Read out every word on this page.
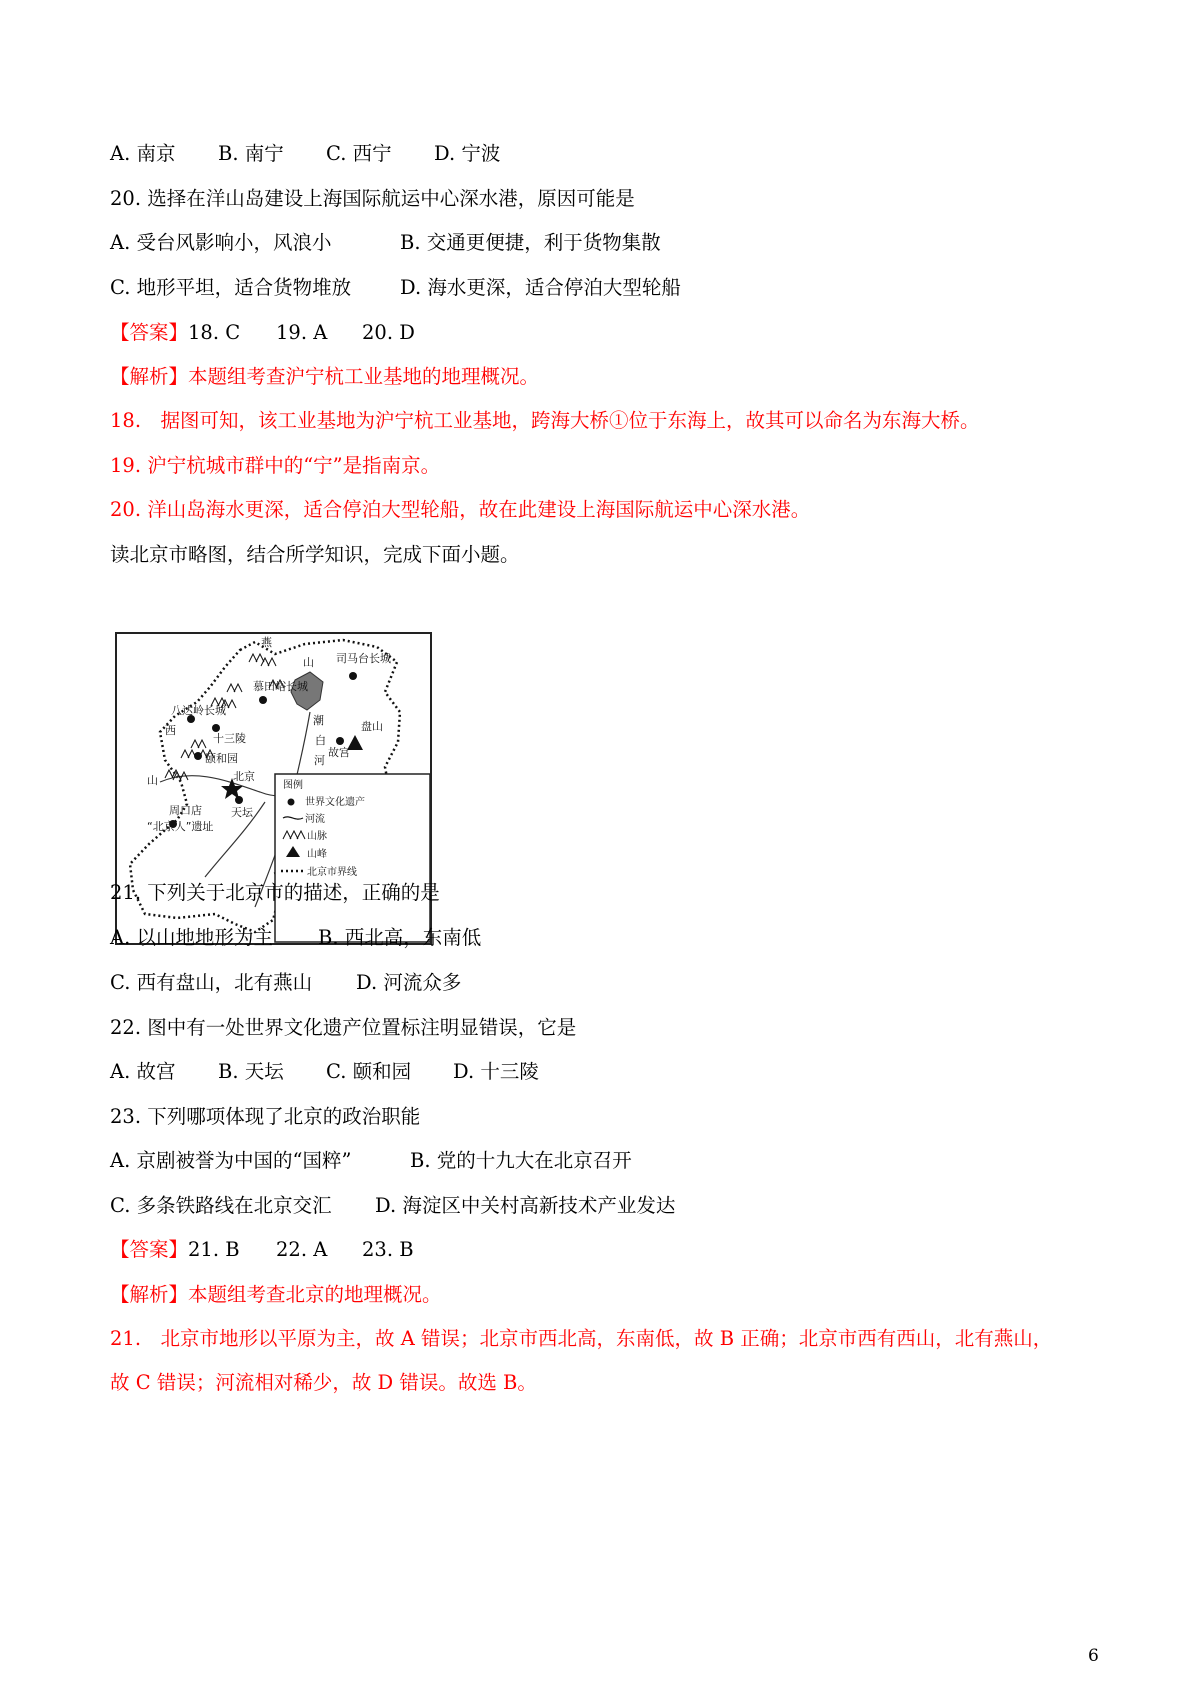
A. 南京 B. 南宁 C. 西宁 D. 宁波
20. 选择在洋山岛建设上海国际航运中心深水港，原因可能是
A. 受台风影响小，风浪小	B. 交通更便捷，利于货物集散
C. 地形平坦，适合货物堆放	D. 海水更深，适合停泊大型轮船
【答案】18. C 19. A 20. D
【解析】本题组考查沪宁杭工业基地的地理概况。
18.　据图可知，该工业基地为沪宁杭工业基地，跨海大桥①位于东海上，故其可以命名为东海大桥。
19. 沪宁杭城市群中的“宁”是指南京。
20. 洋山岛海水更深，适合停泊大型轮船，故在此建设上海国际航运中心深水港。
读北京市略图，结合所学知识，完成下面小题。
燕
山 司马台长城
慕田峪长城
八达岭长城
十三陵
西
山
颐和园
北京
天坛
周口店
“北京人”遗址
潮
白
河
盘山
故宫
图例
世界文化遗产
河流
山脉
山峰
北京市界线
21. 下列关于北京市的描述，正确的是
A. 以山地地形为主 B. 西北高，东南低
C. 西有盘山，北有燕山 D. 河流众多
22. 图中有一处世界文化遗产位置标注明显错误，它是
A. 故宫 B. 天坛 C. 颐和园 D. 十三陵
23. 下列哪项体现了北京的政治职能
A. 京剧被誉为中国的“国粹”	B. 党的十九大在北京召开
C. 多条铁路线在北京交汇 D. 海淀区中关村高新技术产业发达
【答案】21. B 22. A 23. B
【解析】本题组考查北京的地理概况。
21.　北京市地形以平原为主，故 A 错误；北京市西北高，东南低，故 B 正确；北京市西有西山，北有燕山，
故 C 错误；河流相对稀少，故 D 错误。故选 B。
6
